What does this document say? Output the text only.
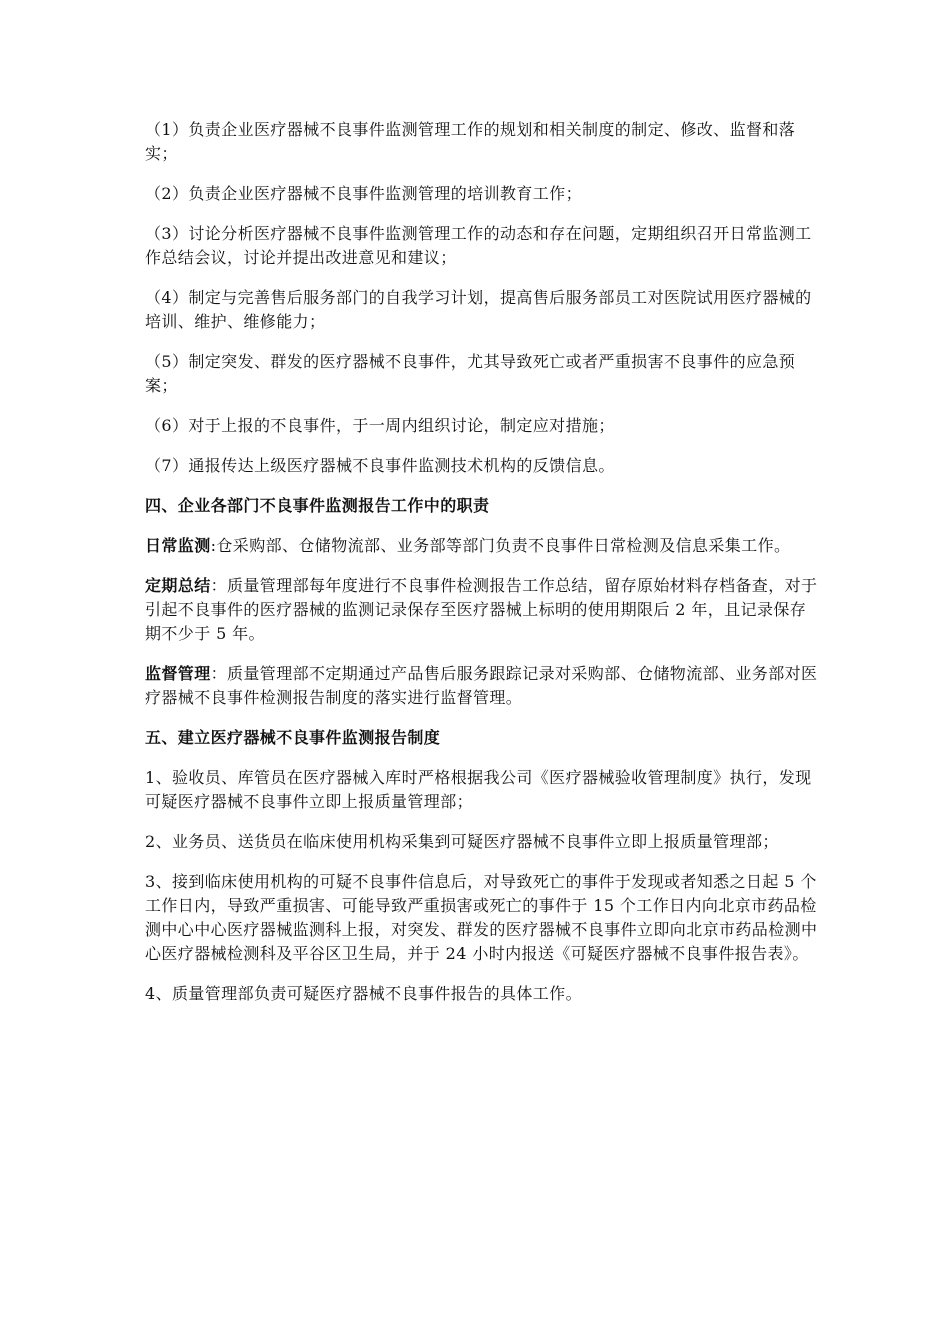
（1）负责企业医疗器械不良事件监测管理工作的规划和相关制度的制定、修改、监督和落实；

（2）负责企业医疗器械不良事件监测管理的培训教育工作；

（3）讨论分析医疗器械不良事件监测管理工作的动态和存在问题，定期组织召开日常监测工作总结会议，讨论并提出改进意见和建议；

（4）制定与完善售后服务部门的自我学习计划，提高售后服务部员工对医院试用医疗器械的培训、维护、维修能力；

（5）制定突发、群发的医疗器械不良事件，尤其导致死亡或者严重损害不良事件的应急预案；

（6）对于上报的不良事件，于一周内组织讨论，制定应对措施；

（7）通报传达上级医疗器械不良事件监测技术机构的反馈信息。

四、企业各部门不良事件监测报告工作中的职责

日常监测:仓采购部、仓储物流部、业务部等部门负责不良事件日常检测及信息采集工作。

定期总结：质量管理部每年度进行不良事件检测报告工作总结，留存原始材料存档备查，对于引起不良事件的医疗器械的监测记录保存至医疗器械上标明的使用期限后 2 年，且记录保存期不少于 5 年。

监督管理：质量管理部不定期通过产品售后服务跟踪记录对采购部、仓储物流部、业务部对医疗器械不良事件检测报告制度的落实进行监督管理。

五、建立医疗器械不良事件监测报告制度

1、验收员、库管员在医疗器械入库时严格根据我公司《医疗器械验收管理制度》执行，发现可疑医疗器械不良事件立即上报质量管理部；

2、业务员、送货员在临床使用机构采集到可疑医疗器械不良事件立即上报质量管理部；

3、接到临床使用机构的可疑不良事件信息后，对导致死亡的事件于发现或者知悉之日起 5 个工作日内，导致严重损害、可能导致严重损害或死亡的事件于 15 个工作日内向北京市药品检测中心中心医疗器械监测科上报，对突发、群发的医疗器械不良事件立即向北京市药品检测中心医疗器械检测科及平谷区卫生局，并于 24 小时内报送《可疑医疗器械不良事件报告表》。

4、质量管理部负责可疑医疗器械不良事件报告的具体工作。
